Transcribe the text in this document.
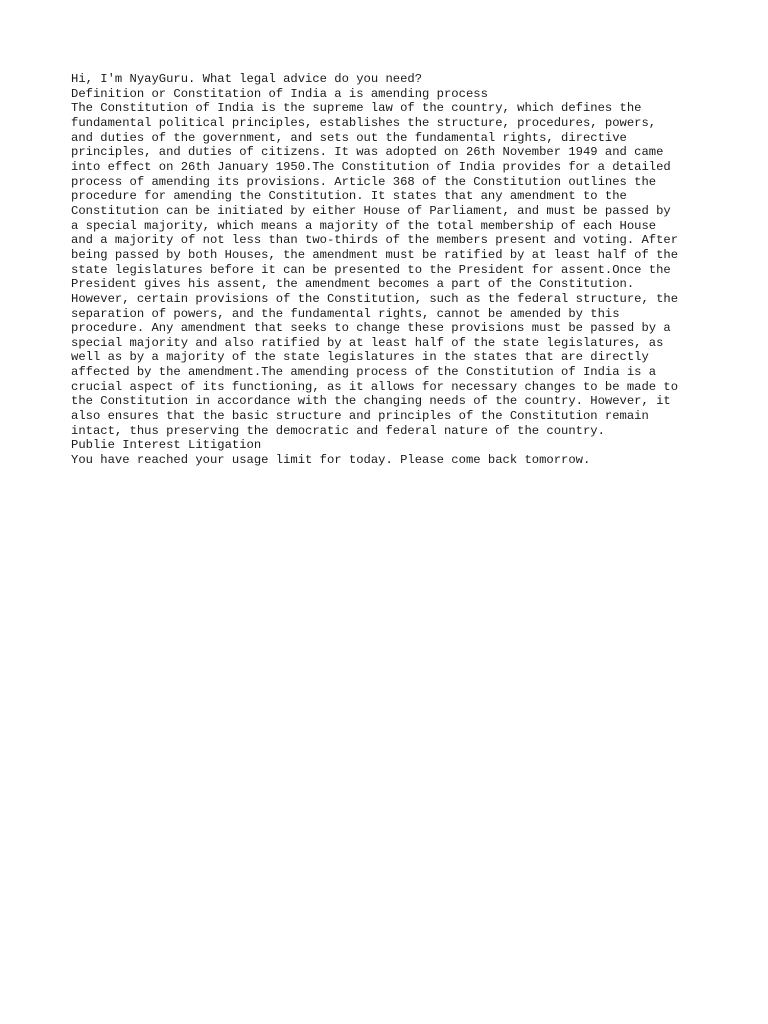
Hi, I'm NyayGuru. What legal advice do you need?

Definition or Constitation of India a is amending process

The Constitution of India is the supreme law of the country, which defines the
fundamental political principles, establishes the structure, procedures, powers,
and duties of the government, and sets out the fundamental rights, directive
principles, and duties of citizens. It was adopted on 26th November 1949 and came
into effect on 26th January 1950.The Constitution of India provides for a detailed
process of amending its provisions. Article 368 of the Constitution outlines the
procedure for amending the Constitution. It states that any amendment to the
Constitution can be initiated by either House of Parliament, and must be passed by
a special majority, which means a majority of the total membership of each House
and a majority of not less than two-thirds of the members present and voting. After
being passed by both Houses, the amendment must be ratified by at least half of the
state legislatures before it can be presented to the President for assent.Once the
President gives his assent, the amendment becomes a part of the Constitution.
However, certain provisions of the Constitution, such as the federal structure, the
separation of powers, and the fundamental rights, cannot be amended by this
procedure. Any amendment that seeks to change these provisions must be passed by a
special majority and also ratified by at least half of the state legislatures, as
well as by a majority of the state legislatures in the states that are directly
affected by the amendment.The amending process of the Constitution of India is a
crucial aspect of its functioning, as it allows for necessary changes to be made to
the Constitution in accordance with the changing needs of the country. However, it
also ensures that the basic structure and principles of the Constitution remain
intact, thus preserving the democratic and federal nature of the country.

Publie Interest Litigation

You have reached your usage limit for today. Please come back tomorrow.
